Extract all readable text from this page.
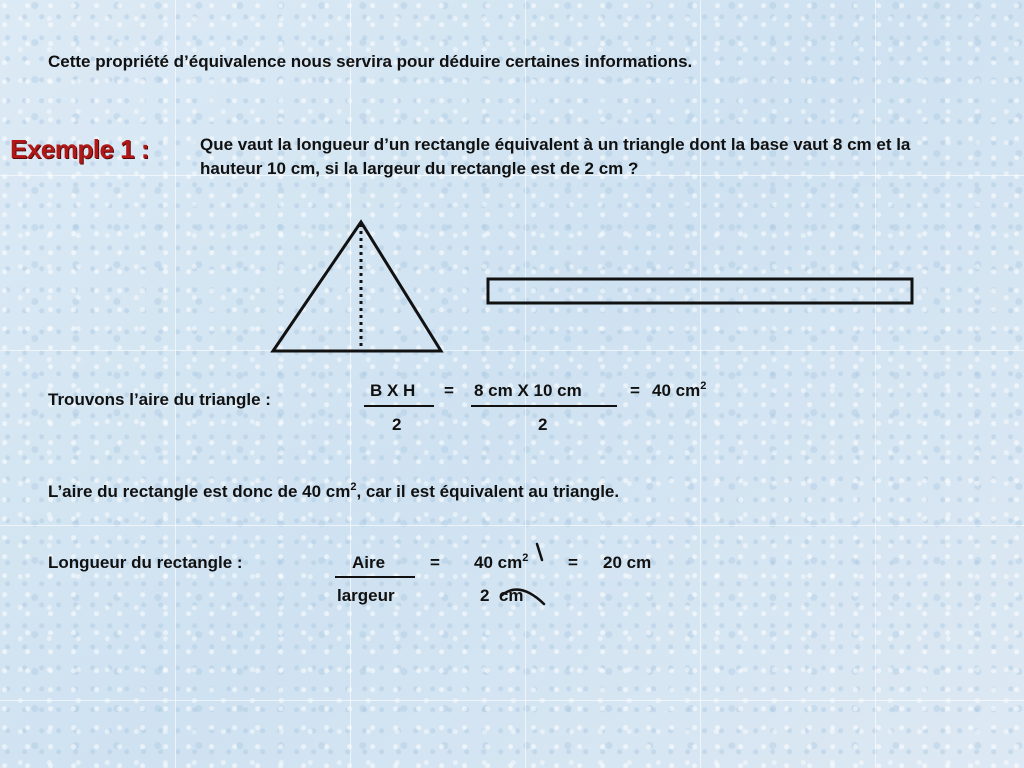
Cette propriété d’équivalence nous servira pour déduire certaines informations.
Exemple 1 :	Que vaut la longueur d’un rectangle équivalent à un triangle dont la base vaut 8 cm et la hauteur 10 cm, si la largeur du rectangle est de 2 cm ?
Trouvons l’aire du triangle :	B X H
2
= 8 cm X 10 cm
2
= 40 $cm^2$
L’aire du rectangle est donc de 40 $cm^2$, car il est équivalent au triangle.
Longueur du rectangle :	Aire
largeur
= 40 $cm^2$
2 cm
= 20 cm
